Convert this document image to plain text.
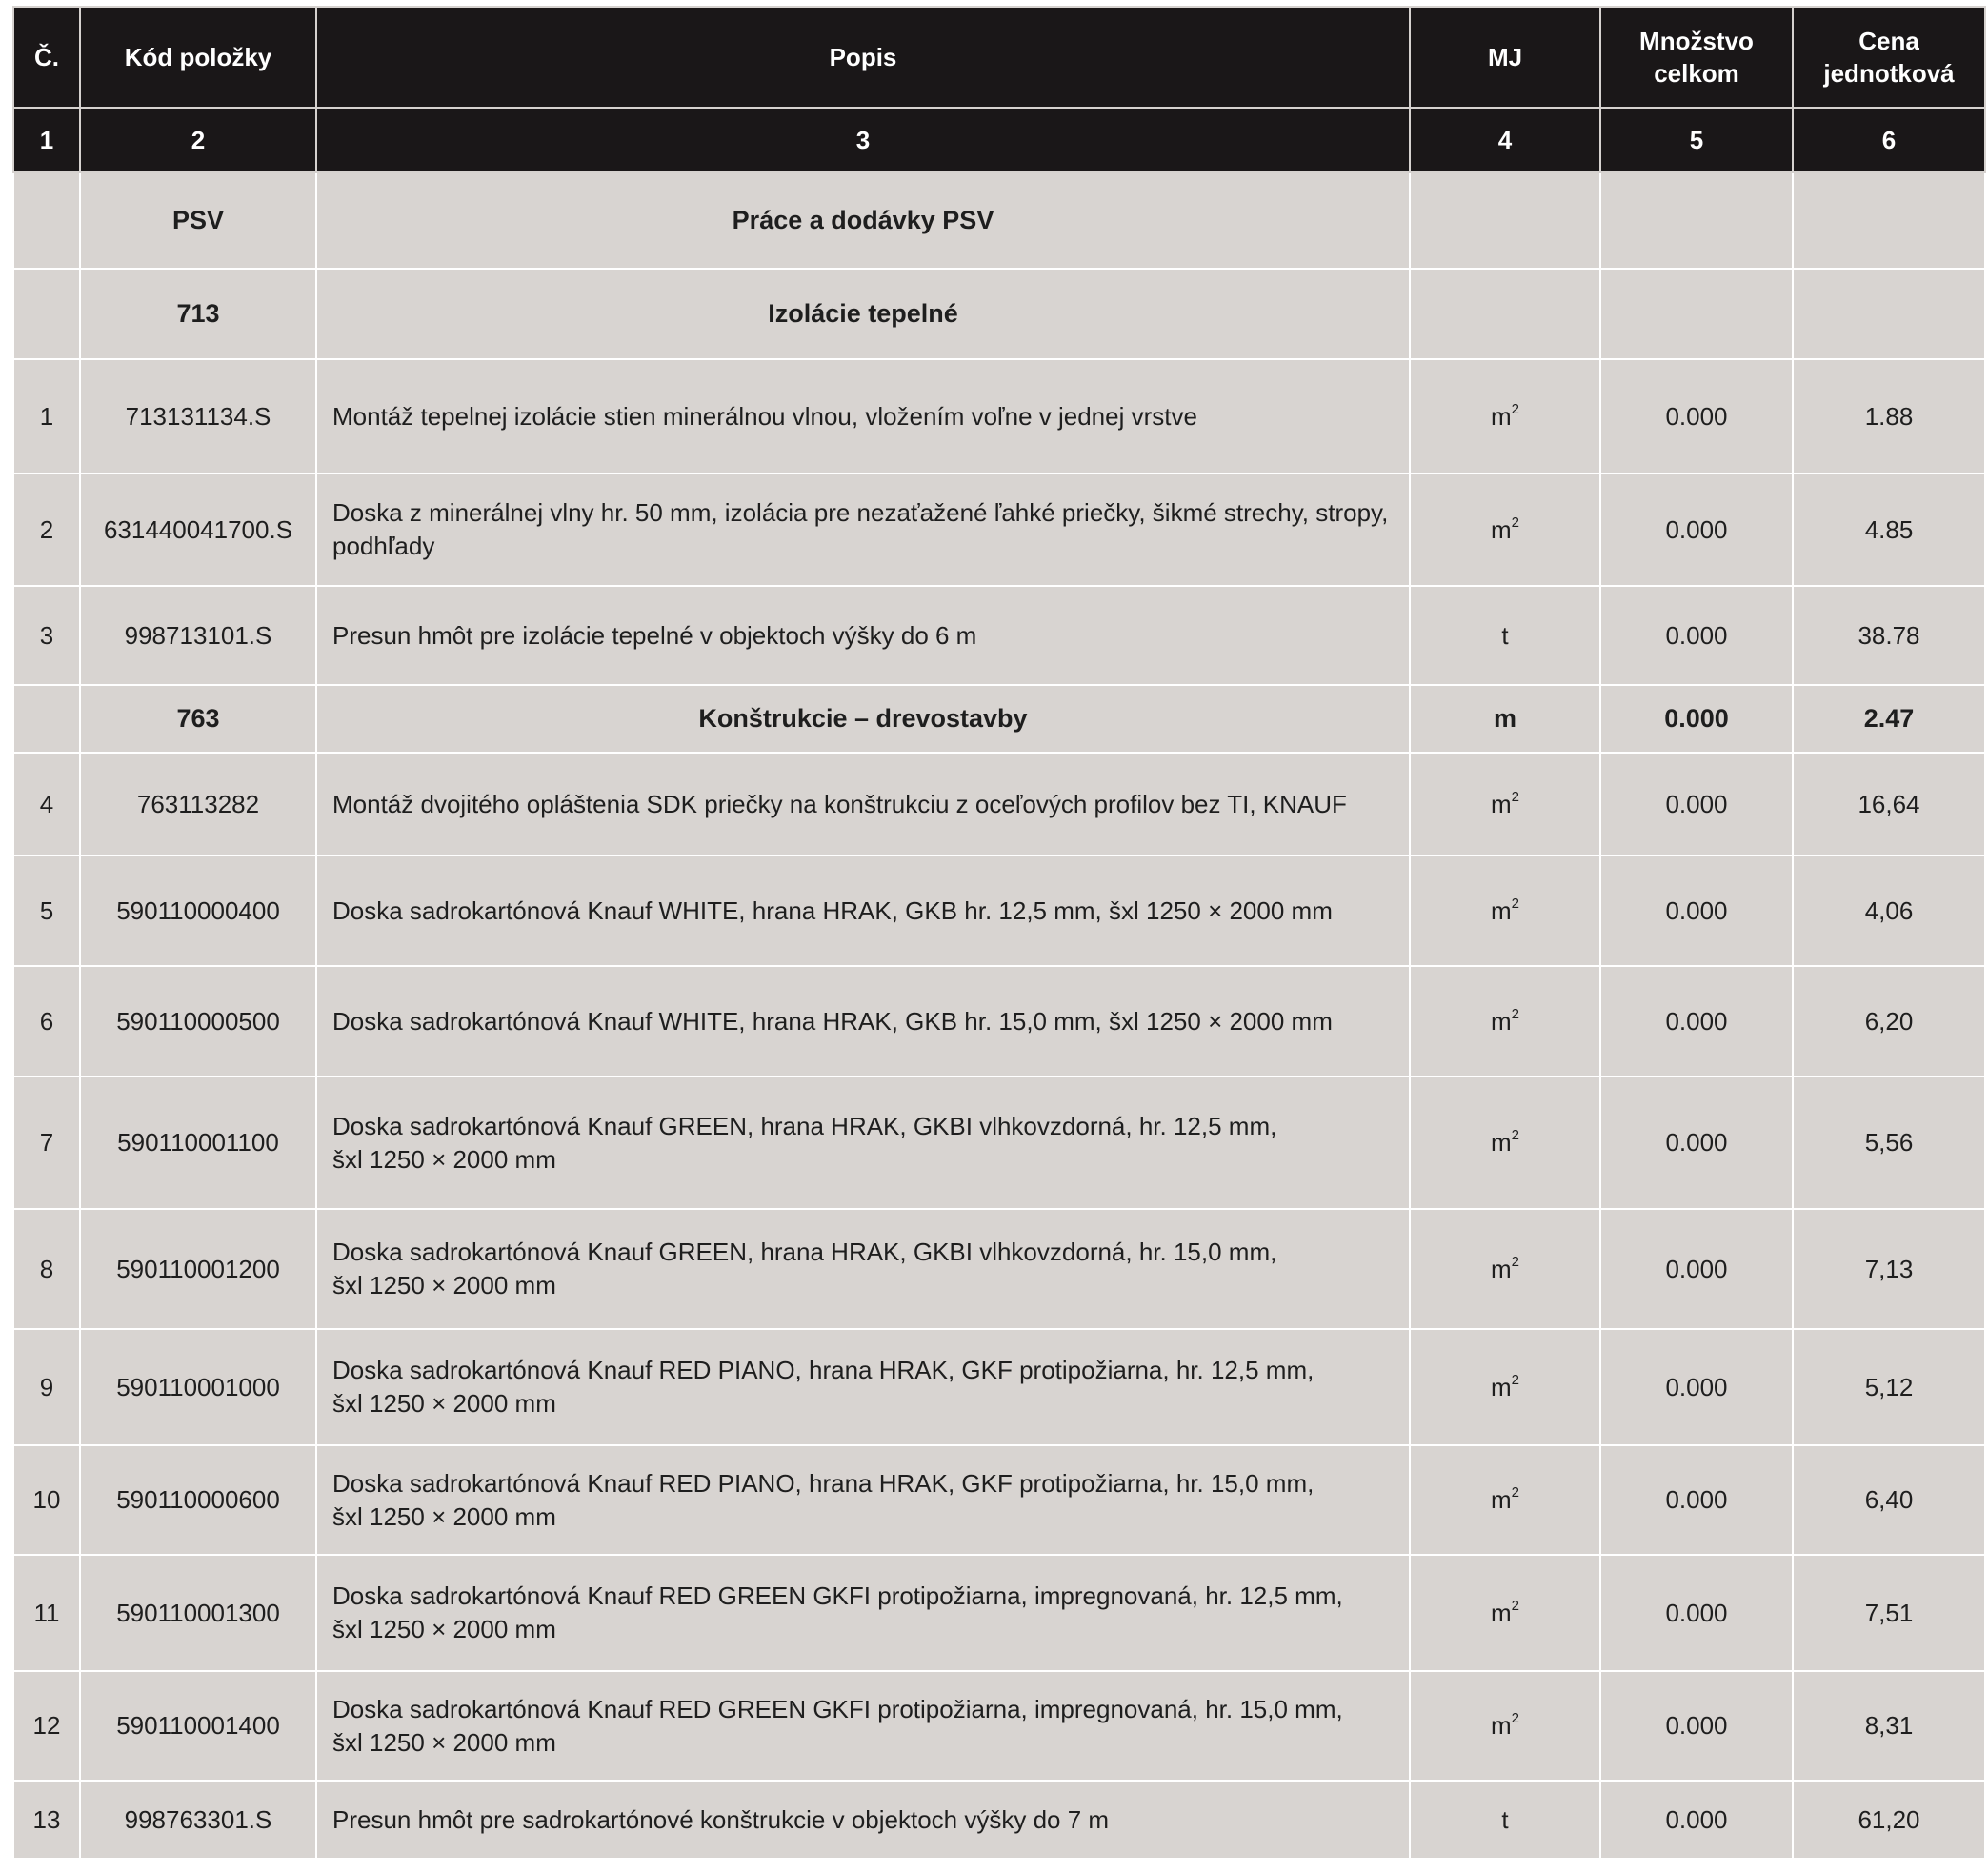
Č.	Kód položky	Popis	MJ	Množstvo celkom	Cena jednotková
1	2	3	4	5	6
	PSV	Práce a dodávky PSV			
	713	Izolácie tepelné			
1	713131134.S	Montáž tepelnej izolácie stien minerálnou vlnou, vložením voľne v jednej vrstve	$m^2$	0.000	1.88
2	631440041700.S	Doska z minerálnej vlny hr. 50 mm, izolácia pre nezaťažené ľahké priečky, šikmé strechy, stropy, podhľady	$m^2$	0.000	4.85
3	998713101.S	Presun hmôt pre izolácie tepelné v objektoch výšky do 6 m	t	0.000	38.78
	763	Konštrukcie – drevostavby	m	0.000	2.47
4	763113282	Montáž dvojitého opláštenia SDK priečky na konštrukciu z oceľových profilov bez TI, KNAUF	$m^2$	0.000	16,64
5	590110000400	Doska sadrokartónová Knauf WHITE, hrana HRAK, GKB hr. 12,5 mm, šxl 1250 × 2000 mm	$m^2$	0.000	4,06
6	590110000500	Doska sadrokartónová Knauf WHITE, hrana HRAK, GKB hr. 15,0 mm, šxl 1250 × 2000 mm	$m^2$	0.000	6,20
7	590110001100	Doska sadrokartónová Knauf GREEN, hrana HRAK, GKBI vlhkovzdorná, hr. 12,5 mm,
šxl 1250 × 2000 mm	$m^2$	0.000	5,56
8	590110001200	Doska sadrokartónová Knauf GREEN, hrana HRAK, GKBI vlhkovzdorná, hr. 15,0 mm,
šxl 1250 × 2000 mm	$m^2$	0.000	7,13
9	590110001000	Doska sadrokartónová Knauf RED PIANO, hrana HRAK, GKF protipožiarna, hr. 12,5 mm,
šxl 1250 × 2000 mm	$m^2$	0.000	5,12
10	590110000600	Doska sadrokartónová Knauf RED PIANO, hrana HRAK, GKF protipožiarna, hr. 15,0 mm,
šxl 1250 × 2000 mm	$m^2$	0.000	6,40
11	590110001300	Doska sadrokartónová Knauf RED GREEN GKFI protipožiarna, impregnovaná, hr. 12,5 mm,
šxl 1250 × 2000 mm	$m^2$	0.000	7,51
12	590110001400	Doska sadrokartónová Knauf RED GREEN GKFI protipožiarna, impregnovaná, hr. 15,0 mm,
šxl 1250 × 2000 mm	$m^2$	0.000	8,31
13	998763301.S	Presun hmôt pre sadrokartónové konštrukcie v objektoch výšky do 7 m	t	0.000	61,20
